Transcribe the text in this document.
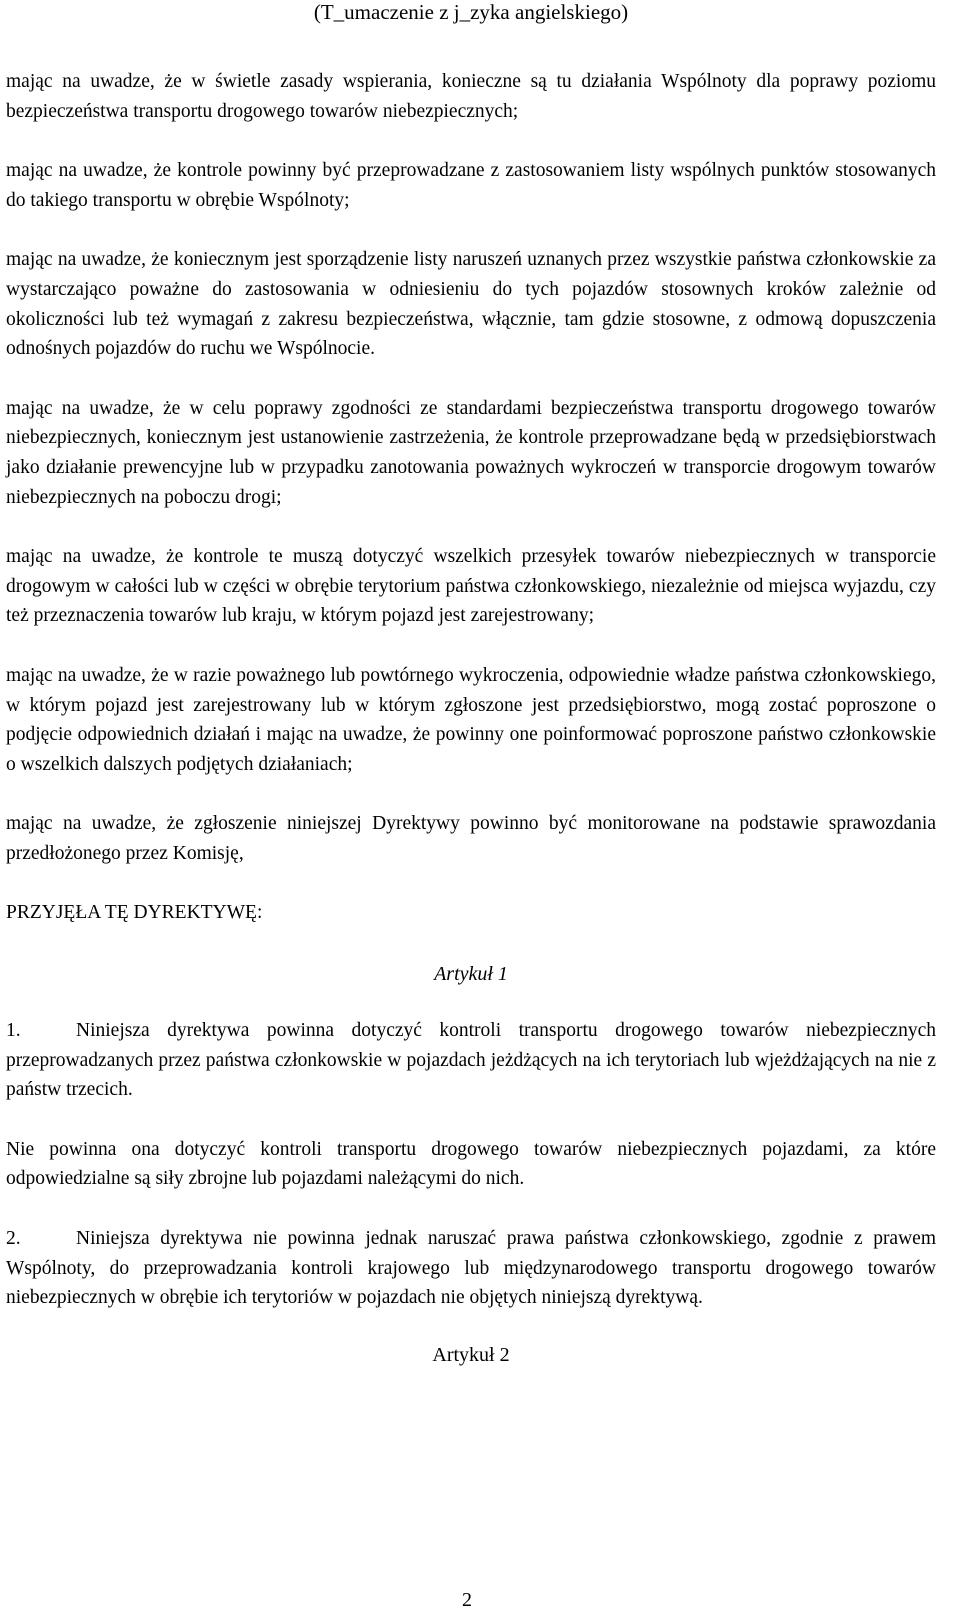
(T_umaczenie z j_zyka angielskiego)

mając na uwadze, że w świetle zasady wspierania, konieczne są tu działania Wspólnoty dla poprawy poziomu bezpieczeństwa transportu drogowego towarów niebezpiecznych;

mając na uwadze, że kontrole powinny być przeprowadzane z zastosowaniem listy wspólnych punktów stosowanych do takiego transportu w obrębie Wspólnoty;

mając na uwadze, że koniecznym jest sporządzenie listy naruszeń uznanych przez wszystkie państwa członkowskie za wystarczająco poważne do zastosowania w odniesieniu do tych pojazdów stosownych kroków zależnie od okoliczności lub też wymagań z zakresu bezpieczeństwa, włącznie, tam gdzie stosowne, z odmową dopuszczenia odnośnych pojazdów do ruchu we Wspólnocie.

mając na uwadze, że w celu poprawy zgodności ze standardami bezpieczeństwa transportu drogowego towarów niebezpiecznych, koniecznym jest ustanowienie zastrzeżenia, że kontrole przeprowadzane będą w przedsiębiorstwach jako działanie prewencyjne lub w przypadku zanotowania poważnych wykroczeń w transporcie drogowym towarów niebezpiecznych na poboczu drogi;

mając na uwadze, że kontrole te muszą dotyczyć wszelkich przesyłek towarów niebezpiecznych w transporcie drogowym w całości lub w części w obrębie terytorium państwa członkowskiego, niezależnie od miejsca wyjazdu, czy też przeznaczenia towarów lub kraju, w którym pojazd jest zarejestrowany;

mając na uwadze, że w razie poważnego lub powtórnego wykroczenia, odpowiednie władze państwa członkowskiego, w którym pojazd jest zarejestrowany lub w którym zgłoszone jest przedsiębiorstwo, mogą zostać poproszone o podjęcie odpowiednich działań i mając na uwadze, że powinny one poinformować poproszone państwo członkowskie o wszelkich dalszych podjętych działaniach;

mając na uwadze, że zgłoszenie niniejszej Dyrektywy powinno być monitorowane na podstawie sprawozdania przedłożonego przez Komisję,

PRZYJĘŁA TĘ DYREKTYWĘ:

Artykuł 1

1.	Niniejsza dyrektywa powinna dotyczyć kontroli transportu drogowego towarów niebezpiecznych przeprowadzanych przez państwa członkowskie w pojazdach jeżdżących na ich terytoriach lub wjeżdżających na nie z państw trzecich.

Nie powinna ona dotyczyć kontroli transportu drogowego towarów niebezpiecznych pojazdami, za które odpowiedzialne są siły zbrojne lub pojazdami należącymi do nich.

2.	Niniejsza dyrektywa nie powinna jednak naruszać prawa państwa członkowskiego, zgodnie z prawem Wspólnoty, do przeprowadzania kontroli krajowego lub międzynarodowego transportu drogowego towarów niebezpiecznych w obrębie ich terytoriów w pojazdach nie objętych niniejszą dyrektywą.

Artykuł 2

2
